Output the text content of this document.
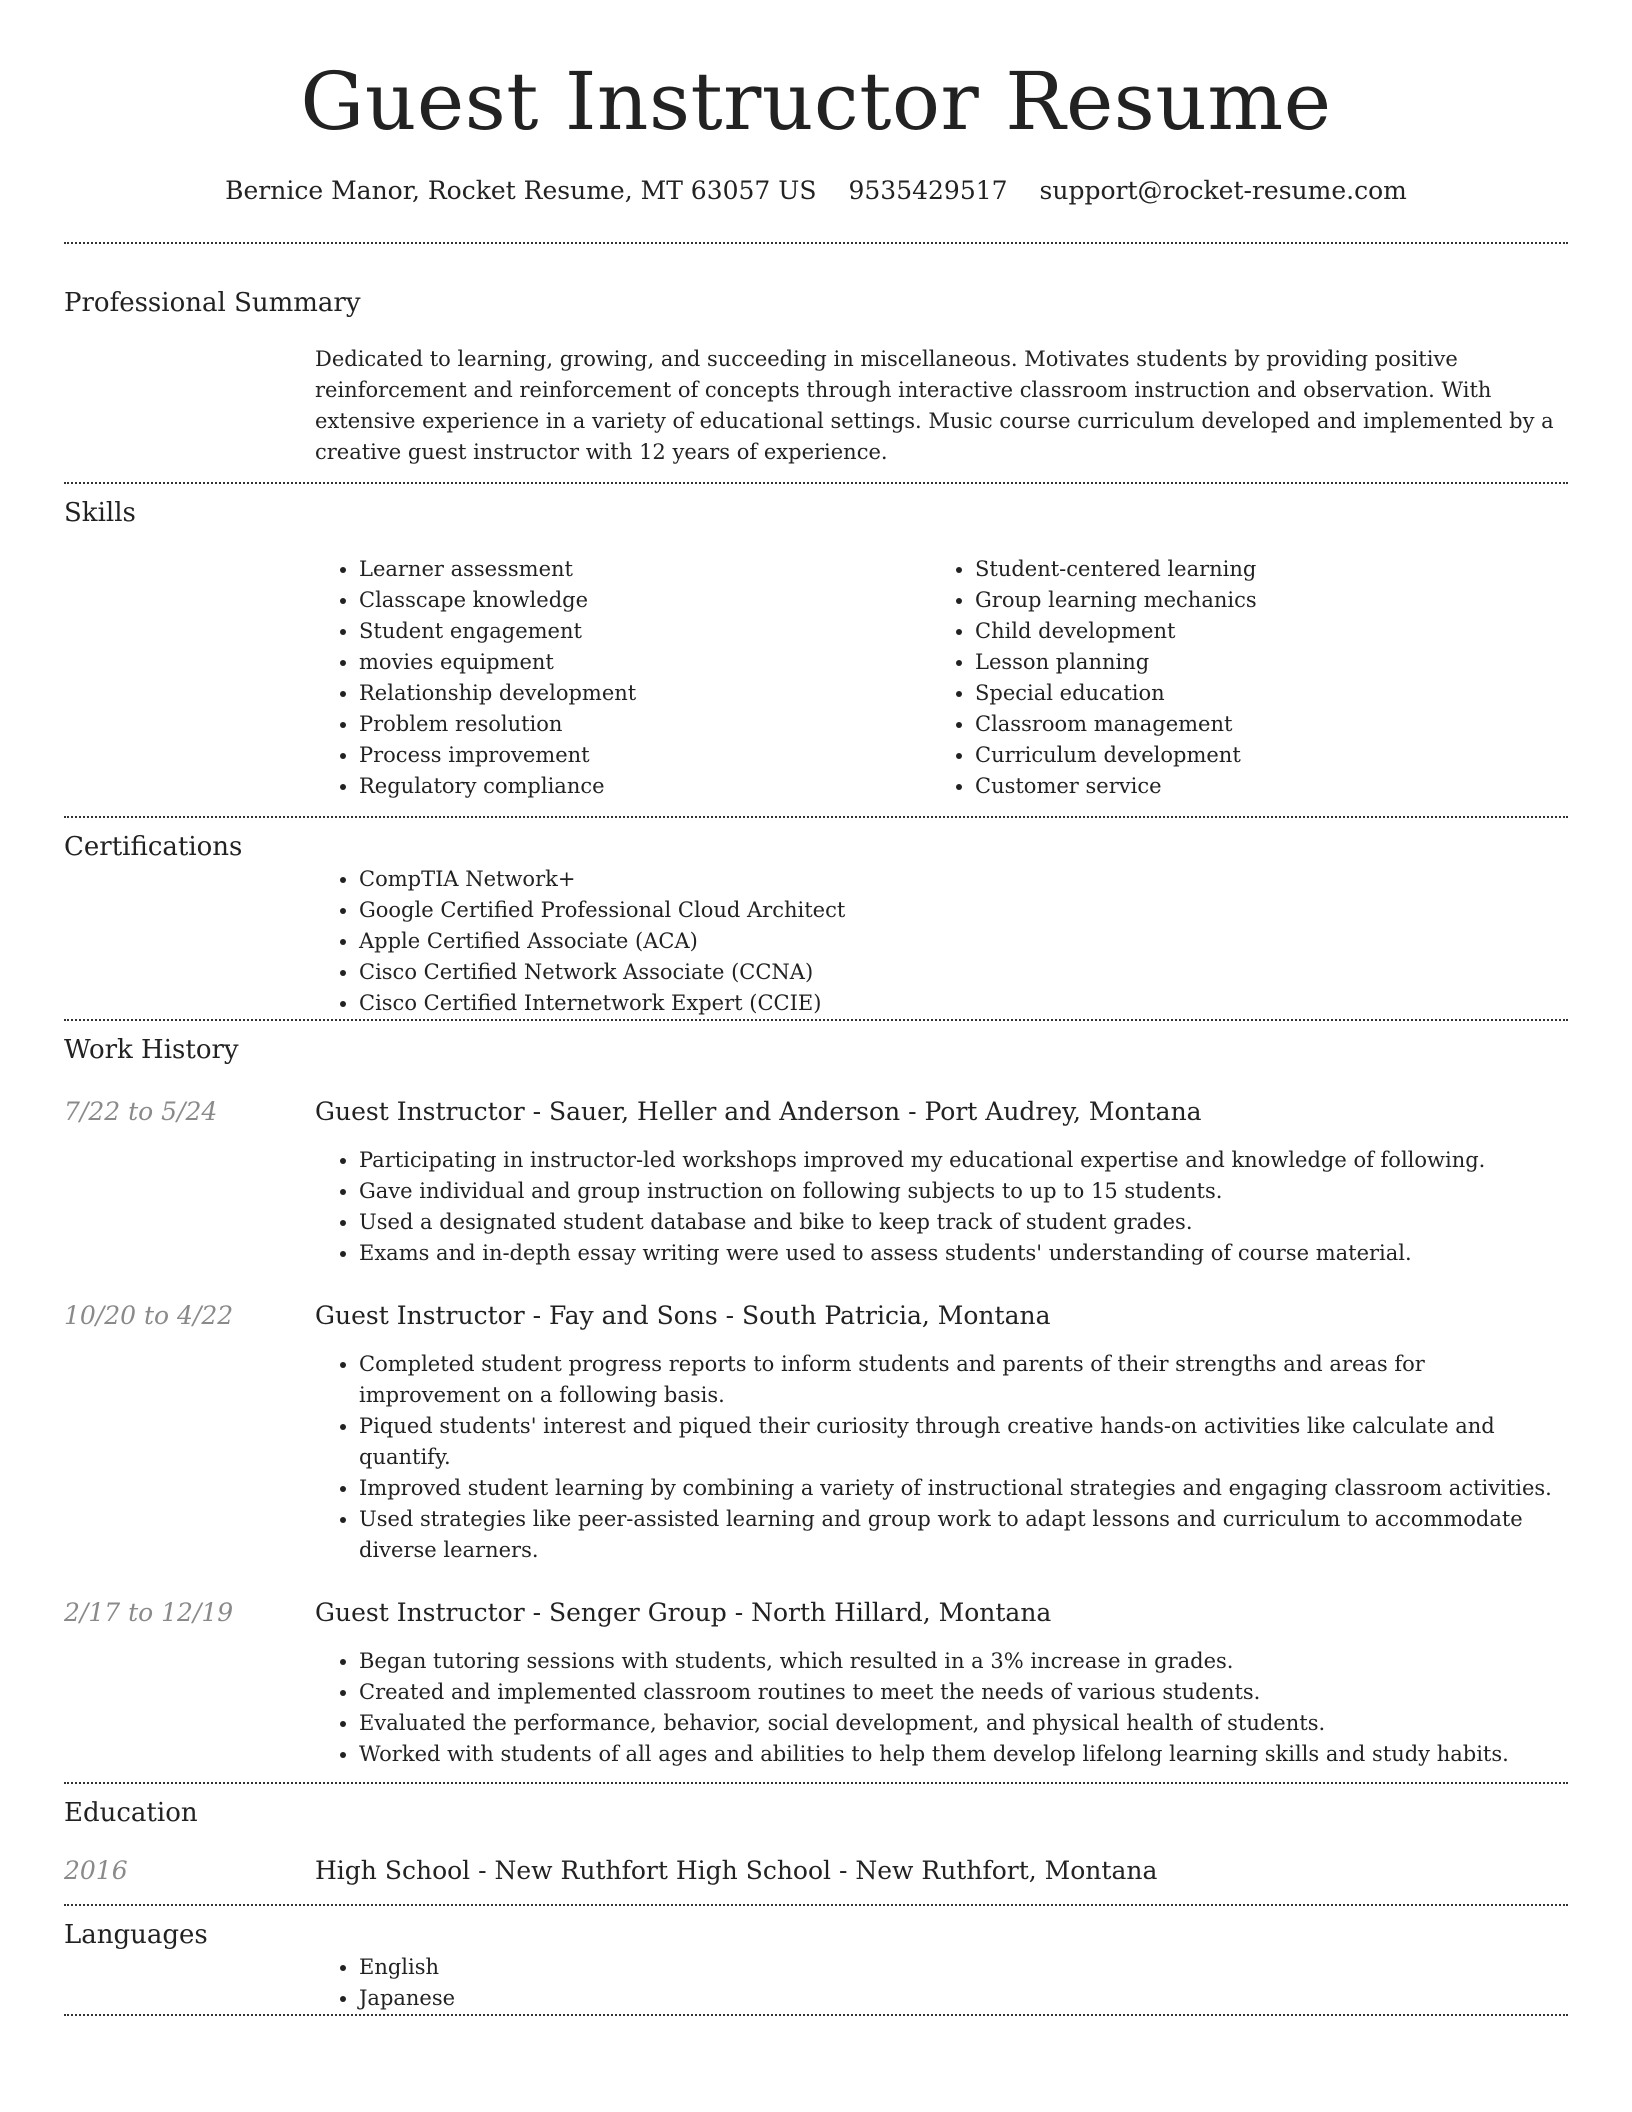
Guest Instructor Resume
Bernice Manor, Rocket Resume, MT 63057 US 9535429517 support@rocket-resume.com
Professional Summary

Dedicated to learning, growing, and succeeding in miscellaneous. Motivates students by providing positive reinforcement and reinforcement of concepts through interactive classroom instruction and observation. With extensive experience in a variety of educational settings. Music course curriculum developed and implemented by a creative guest instructor with 12 years of experience.

Skills
• Learner assessment
• Classcape knowledge
• Student engagement
• movies equipment
• Relationship development
• Problem resolution
• Process improvement
• Regulatory compliance
• Student-centered learning
• Group learning mechanics
• Child development
• Lesson planning
• Special education
• Classroom management
• Curriculum development
• Customer service
Certifications
• CompTIA Network+
• Google Certified Professional Cloud Architect
• Apple Certified Associate (ACA)
• Cisco Certified Network Associate (CCNA)
• Cisco Certified Internetwork Expert (CCIE)
Work History
7/22 to 5/24	Guest Instructor - Sauer, Heller and Anderson - Port Audrey, Montana
• Participating in instructor-led workshops improved my educational expertise and knowledge of following.
• Gave individual and group instruction on following subjects to up to 15 students.
• Used a designated student database and bike to keep track of student grades.
• Exams and in-depth essay writing were used to assess students' understanding of course material.
10/20 to 4/22	Guest Instructor - Fay and Sons - South Patricia, Montana
• Completed student progress reports to inform students and parents of their strengths and areas for improvement on a following basis.
• Piqued students' interest and piqued their curiosity through creative hands-on activities like calculate and quantify.
• Improved student learning by combining a variety of instructional strategies and engaging classroom activities.
• Used strategies like peer-assisted learning and group work to adapt lessons and curriculum to accommodate diverse learners.
2/17 to 12/19	Guest Instructor - Senger Group - North Hillard, Montana
• Began tutoring sessions with students, which resulted in a 3% increase in grades.
• Created and implemented classroom routines to meet the needs of various students.
• Evaluated the performance, behavior, social development, and physical health of students.
• Worked with students of all ages and abilities to help them develop lifelong learning skills and study habits.
Education
2016	High School - New Ruthfort High School - New Ruthfort, Montana
Languages
• English
• Japanese
